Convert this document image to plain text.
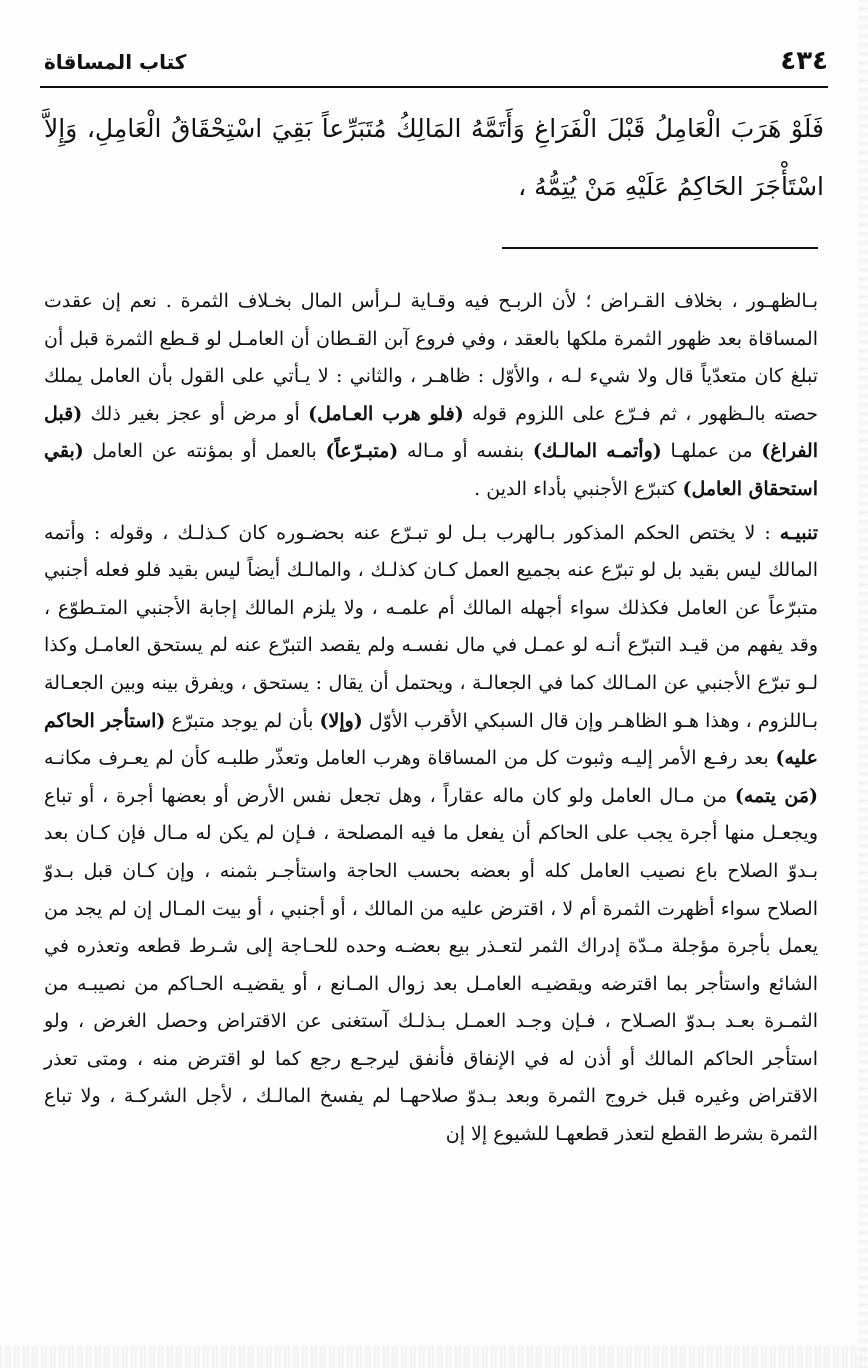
٤٣٤
كتاب المساقاة

فَلَوْ هَرَبَ الْعَامِلُ قَبْلَ الْفَرَاغِ وَأَتَمَّهُ المَالِكُ مُتَبَرِّعاً بَقِيَ اسْتِحْقَاقُ الْعَامِلِ، وَإِلاَّ اسْتَأْجَرَ الحَاكِمُ عَلَيْهِ مَنْ يُتِمُّهُ ،

بـالظهـور ، بخلاف القـراض ؛ لأن الربـح فيه وقـاية لـرأس المال بخـلاف الثمرة . نعم إن عقدت المساقاة بعد ظهور الثمرة ملكها بالعقد ، وفي فروع آبن القـطان أن العامـل لو قـطع الثمرة قبل أن تبلغ كان متعدّياً قال ولا شيء لـه ، والأوّل : ظاهـر ، والثاني : لا يـأتي على القول بأن العامل يملك حصته بالـظهور ، ثم فـرّع على اللزوم قوله (فلو هرب العـامل) أو مرض أو عجز بغير ذلك (قبل الفراغ) من عملهـا (وأتمـه المالـك) بنفسه أو مـاله (متبـرّعاً) بالعمل أو بمؤنته عن العامل (بقي استحقاق العامل) كتبرّع الأجنبي بأداء الدين .

تنبيـه : لا يختص الحكم المذكور بـالهرب بـل لو تبـرّع عنه بحضـوره كان كـذلـك ، وقوله : وأتمه المالك ليس بقيد بل لو تبرّع عنه بجميع العمل كـان كذلـك ، والمالـك أيضاً ليس بقيد فلو فعله أجنبي متبرّعاً عن العامل فكذلك سواء أجهله المالك أم علمـه ، ولا يلزم المالك إجابة الأجنبي المتـطوّع ، وقد يفهم من قيـد التبرّع أنـه لو عمـل في مال نفسـه ولم يقصد التبرّع عنه لم يستحق العامـل وكذا لـو تبرّع الأجنبي عن المـالك كما في الجعالـة ، ويحتمل أن يقال : يستحق ، ويفرق بينه وبين الجعـالة بـاللزوم ، وهذا هـو الظاهـر وإن قال السبكي الأقرب الأوّل (وإلا) بأن لم يوجد متبرّع (استأجر الحاكم عليه) بعد رفـع الأمر إليـه وثبوت كل من المساقاة وهرب العامل وتعذّر طلبـه كأن لم يعـرف مكانـه (مَن يتمه) من مـال العامل ولو كان ماله عقاراً ، وهل تجعل نفس الأرض أو بعضها أجرة ، أو تباع ويجعـل منها أجرة يجب على الحاكم أن يفعل ما فيه المصلحة ، فـإن لم يكن له مـال فإن كـان بعد بـدوّ الصلاح باع نصيب العامل كله أو بعضه بحسب الحاجة واستأجـر بثمنه ، وإن كـان قبل بـدوّ الصلاح سواء أظهرت الثمرة أم لا ، اقترض عليه من المالك ، أو أجنبي ، أو بيت المـال إن لم يجد من يعمل بأجرة مؤجلة مـدّة إدراك الثمر لتعـذر بيع بعضـه وحده للحـاجة إلى شـرط قطعه وتعذره في الشائع واستأجر بما اقترضه ويقضيـه العامـل بعد زوال المـانع ، أو يقضيـه الحـاكم من نصيبـه من الثمـرة بعـد بـدوّ الصـلاح ، فـإن وجـد العمـل بـذلـك آستغنى عن الاقتراض وحصل الغرض ، ولو استأجر الحاكم المالك أو أذن له في الإنفاق فأنفق ليرجـع رجع كما لو اقترض منه ، ومتى تعذر الاقتراض وغيره قبل خروج الثمرة وبعد بـدوّ صلاحهـا لم يفسخ المالـك ، لأجل الشركـة ، ولا تباع الثمرة بشرط القطع لتعذر قطعهـا للشيوع إلا إن
